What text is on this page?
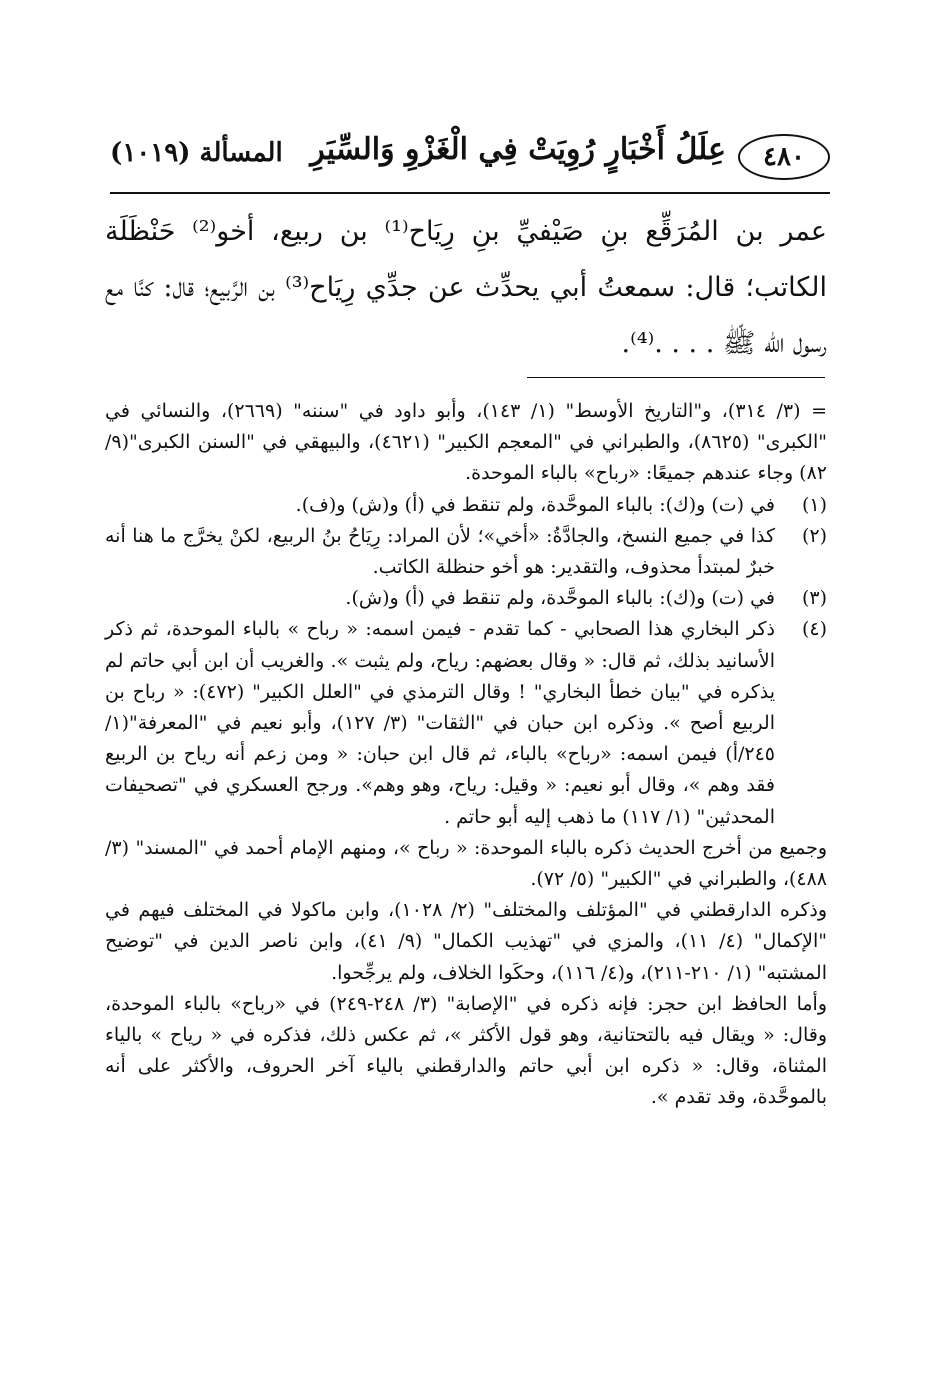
٤٨٠
عِلَلُ أَخْبَارٍ رُوِيَتْ فِي الْغَزْوِ وَالسِّيَرِ
المسألة (١٠١٩)

عمر بن المُرَقِّع بنِ صَيْفيِّ بنِ رِيَاح⁽¹⁾ بن ربيع، أخو⁽²⁾ حَنْظَلَة الكاتب؛ قال: سمعتُ أبي يحدِّث عن جدِّي رِيَاح⁽³⁾ بن الرَّبيع؛ قال: كنَّا مع رسول الله ﷺ . . . .⁽⁴⁾.

= (٣/ ٣١٤)، و"التاريخ الأوسط" (١/ ١٤٣)، وأبو داود في "سننه" (٢٦٦٩)، والنسائي في "الكبرى" (٨٦٢٥)، والطبراني في "المعجم الكبير" (٤٦٢١)، والبيهقي في "السنن الكبرى"(٩/ ٨٢) وجاء عندهم جميعًا: «رباح» بالباء الموحدة.

(١)
في (ت) و(ك): بالباء الموحَّدة، ولم تنقط في (أ) و(ش) و(ف).
(٢)
كذا في جميع النسخ، والجادَّةُ: «أخي»؛ لأن المراد: رِيَاحُ بنُ الربيع، لكنْ يخرَّج ما هنا أنه خبرٌ لمبتدأ محذوف، والتقدير: هو أخو حنظلة الكاتب.
(٣)
في (ت) و(ك): بالباء الموحَّدة، ولم تنقط في (أ) و(ش).
(٤)
ذكر البخاري هذا الصحابي - كما تقدم - فيمن اسمه: « رباح » بالباء الموحدة، ثم ذكر الأسانيد بذلك، ثم قال: « وقال بعضهم: رياح، ولم يثبت ». والغريب أن ابن أبي حاتم لم يذكره في "بيان خطأ البخاري" ! وقال الترمذي في "العلل الكبير" (٤٧٢): « رباح بن الربيع أصح ». وذكره ابن حبان في "الثقات" (٣/ ١٢٧)، وأبو نعيم في "المعرفة"(١/ ٢٤٥/أ) فيمن اسمه: «رباح» بالباء، ثم قال ابن حبان: « ومن زعم أنه رياح بن الربيع فقد وهم »، وقال أبو نعيم: « وقيل: رياح، وهو وهم». ورجح العسكري في "تصحيفات المحدثين" (١/ ١١٧) ما ذهب إليه أبو حاتم .

وجميع من أخرج الحديث ذكره بالباء الموحدة: « رباح »، ومنهم الإمام أحمد في "المسند" (٣/ ٤٨٨)، والطبراني في "الكبير" (٥/ ٧٢).

وذكره الدارقطني في "المؤتلف والمختلف" (٢/ ١٠٢٨)، وابن ماكولا في المختلف فيهم في "الإكمال" (٤/ ١١)، والمزي في "تهذيب الكمال" (٩/ ٤١)، وابن ناصر الدين في "توضيح المشتبه" (١/ ٢١٠-٢١١)، و(٤/ ١١٦)، وحكَوا الخلاف، ولم يرجِّحوا.

وأما الحافظ ابن حجر: فإنه ذكره في "الإصابة" (٣/ ٢٤٨-٢٤٩) في «رباح» بالباء الموحدة، وقال: « ويقال فيه بالتحتانية، وهو قول الأكثر »، ثم عكس ذلك، فذكره في « رياح » بالياء المثناة، وقال: « ذكره ابن أبي حاتم والدارقطني بالياء آخر الحروف، والأكثر على أنه بالموحَّدة، وقد تقدم ».
